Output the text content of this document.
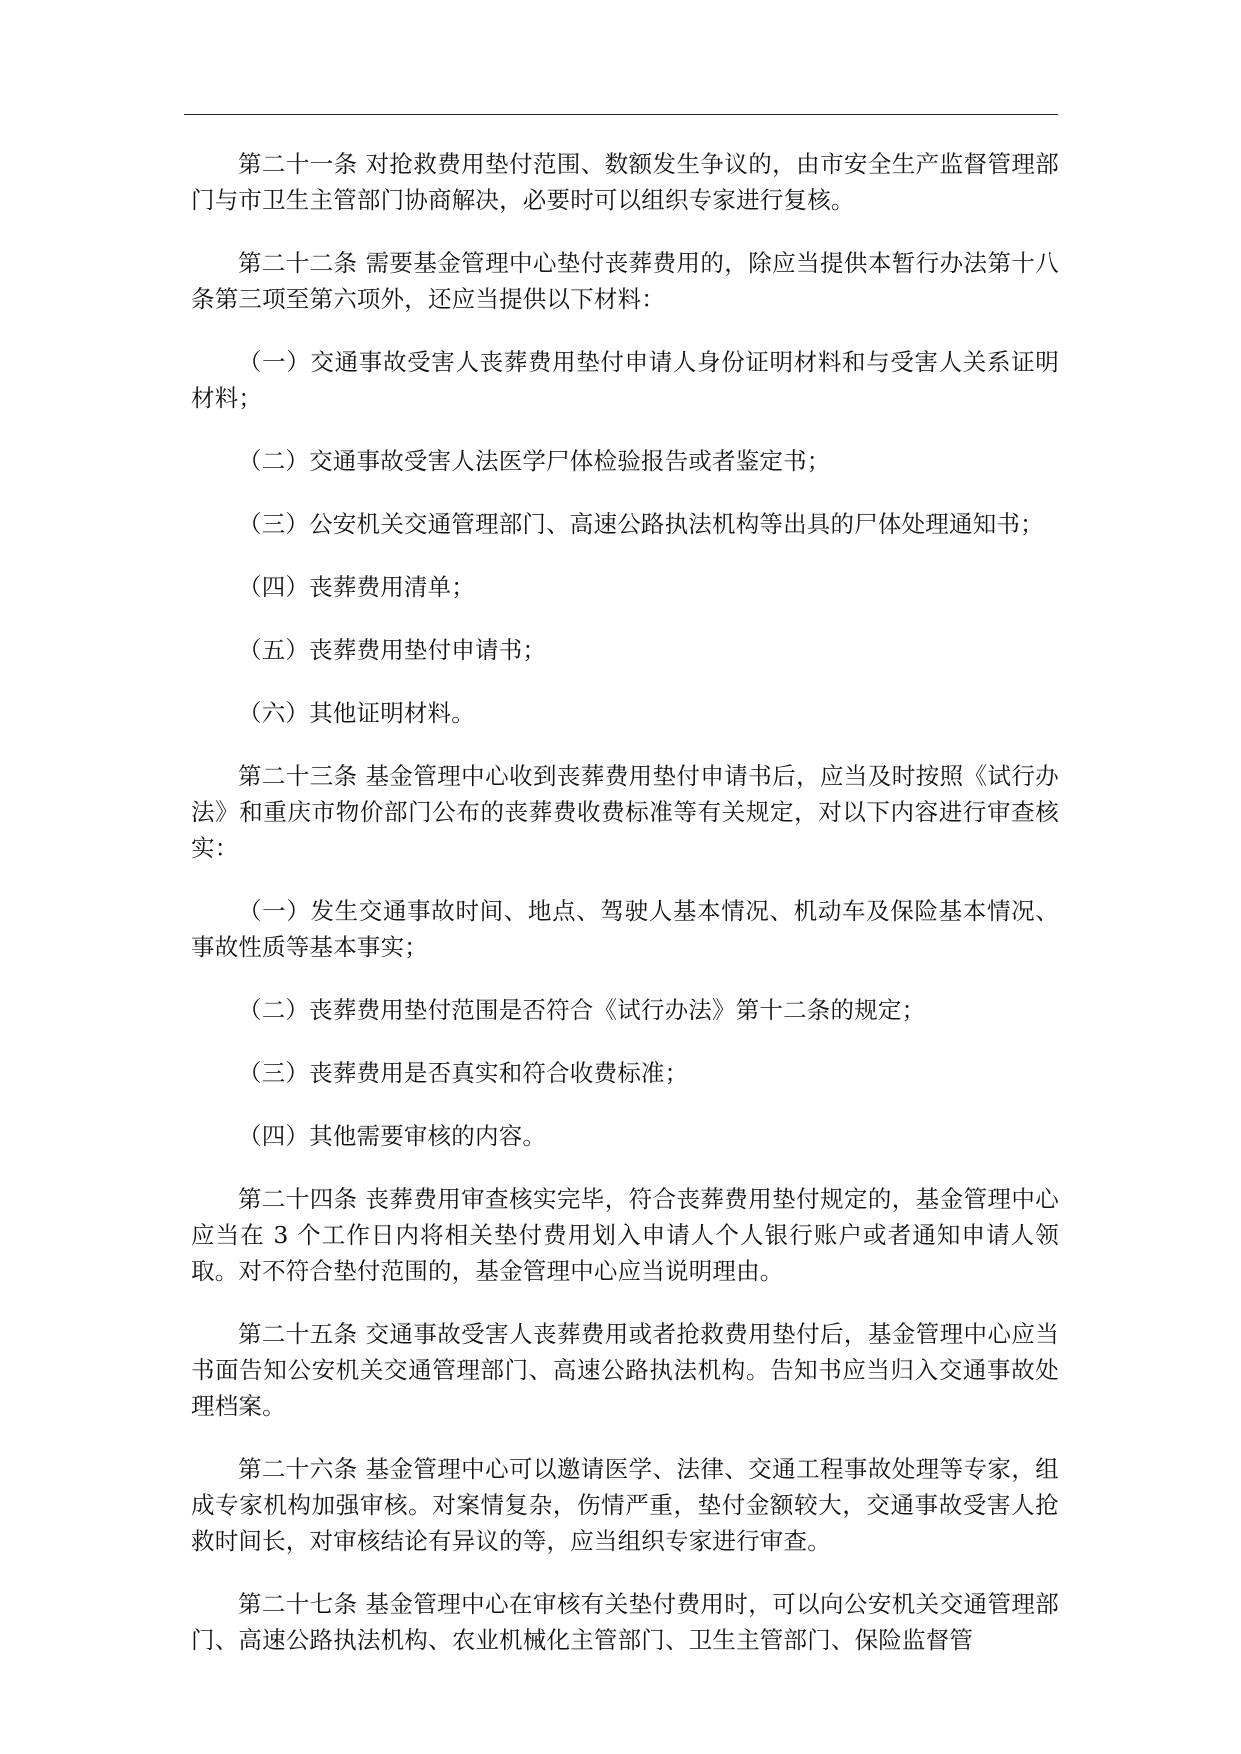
第二十一条 对抢救费用垫付范围、数额发生争议的，由市安全生产监督管理部门与市卫生主管部门协商解决，必要时可以组织专家进行复核。

第二十二条 需要基金管理中心垫付丧葬费用的，除应当提供本暂行办法第十八条第三项至第六项外，还应当提供以下材料：

（一）交通事故受害人丧葬费用垫付申请人身份证明材料和与受害人关系证明材料；

（二）交通事故受害人法医学尸体检验报告或者鉴定书；

（三）公安机关交通管理部门、高速公路执法机构等出具的尸体处理通知书；

（四）丧葬费用清单；

（五）丧葬费用垫付申请书；

（六）其他证明材料。

第二十三条 基金管理中心收到丧葬费用垫付申请书后，应当及时按照《试行办法》和重庆市物价部门公布的丧葬费收费标准等有关规定，对以下内容进行审查核实：

（一）发生交通事故时间、地点、驾驶人基本情况、机动车及保险基本情况、事故性质等基本事实；

（二）丧葬费用垫付范围是否符合《试行办法》第十二条的规定；

（三）丧葬费用是否真实和符合收费标准；

（四）其他需要审核的内容。

第二十四条 丧葬费用审查核实完毕，符合丧葬费用垫付规定的，基金管理中心应当在 3 个工作日内将相关垫付费用划入申请人个人银行账户或者通知申请人领取。对不符合垫付范围的，基金管理中心应当说明理由。

第二十五条 交通事故受害人丧葬费用或者抢救费用垫付后，基金管理中心应当书面告知公安机关交通管理部门、高速公路执法机构。告知书应当归入交通事故处理档案。

第二十六条 基金管理中心可以邀请医学、法律、交通工程事故处理等专家，组成专家机构加强审核。对案情复杂，伤情严重，垫付金额较大，交通事故受害人抢救时间长，对审核结论有异议的等，应当组织专家进行审查。

第二十七条 基金管理中心在审核有关垫付费用时，可以向公安机关交通管理部门、高速公路执法机构、农业机械化主管部门、卫生主管部门、保险监督管
